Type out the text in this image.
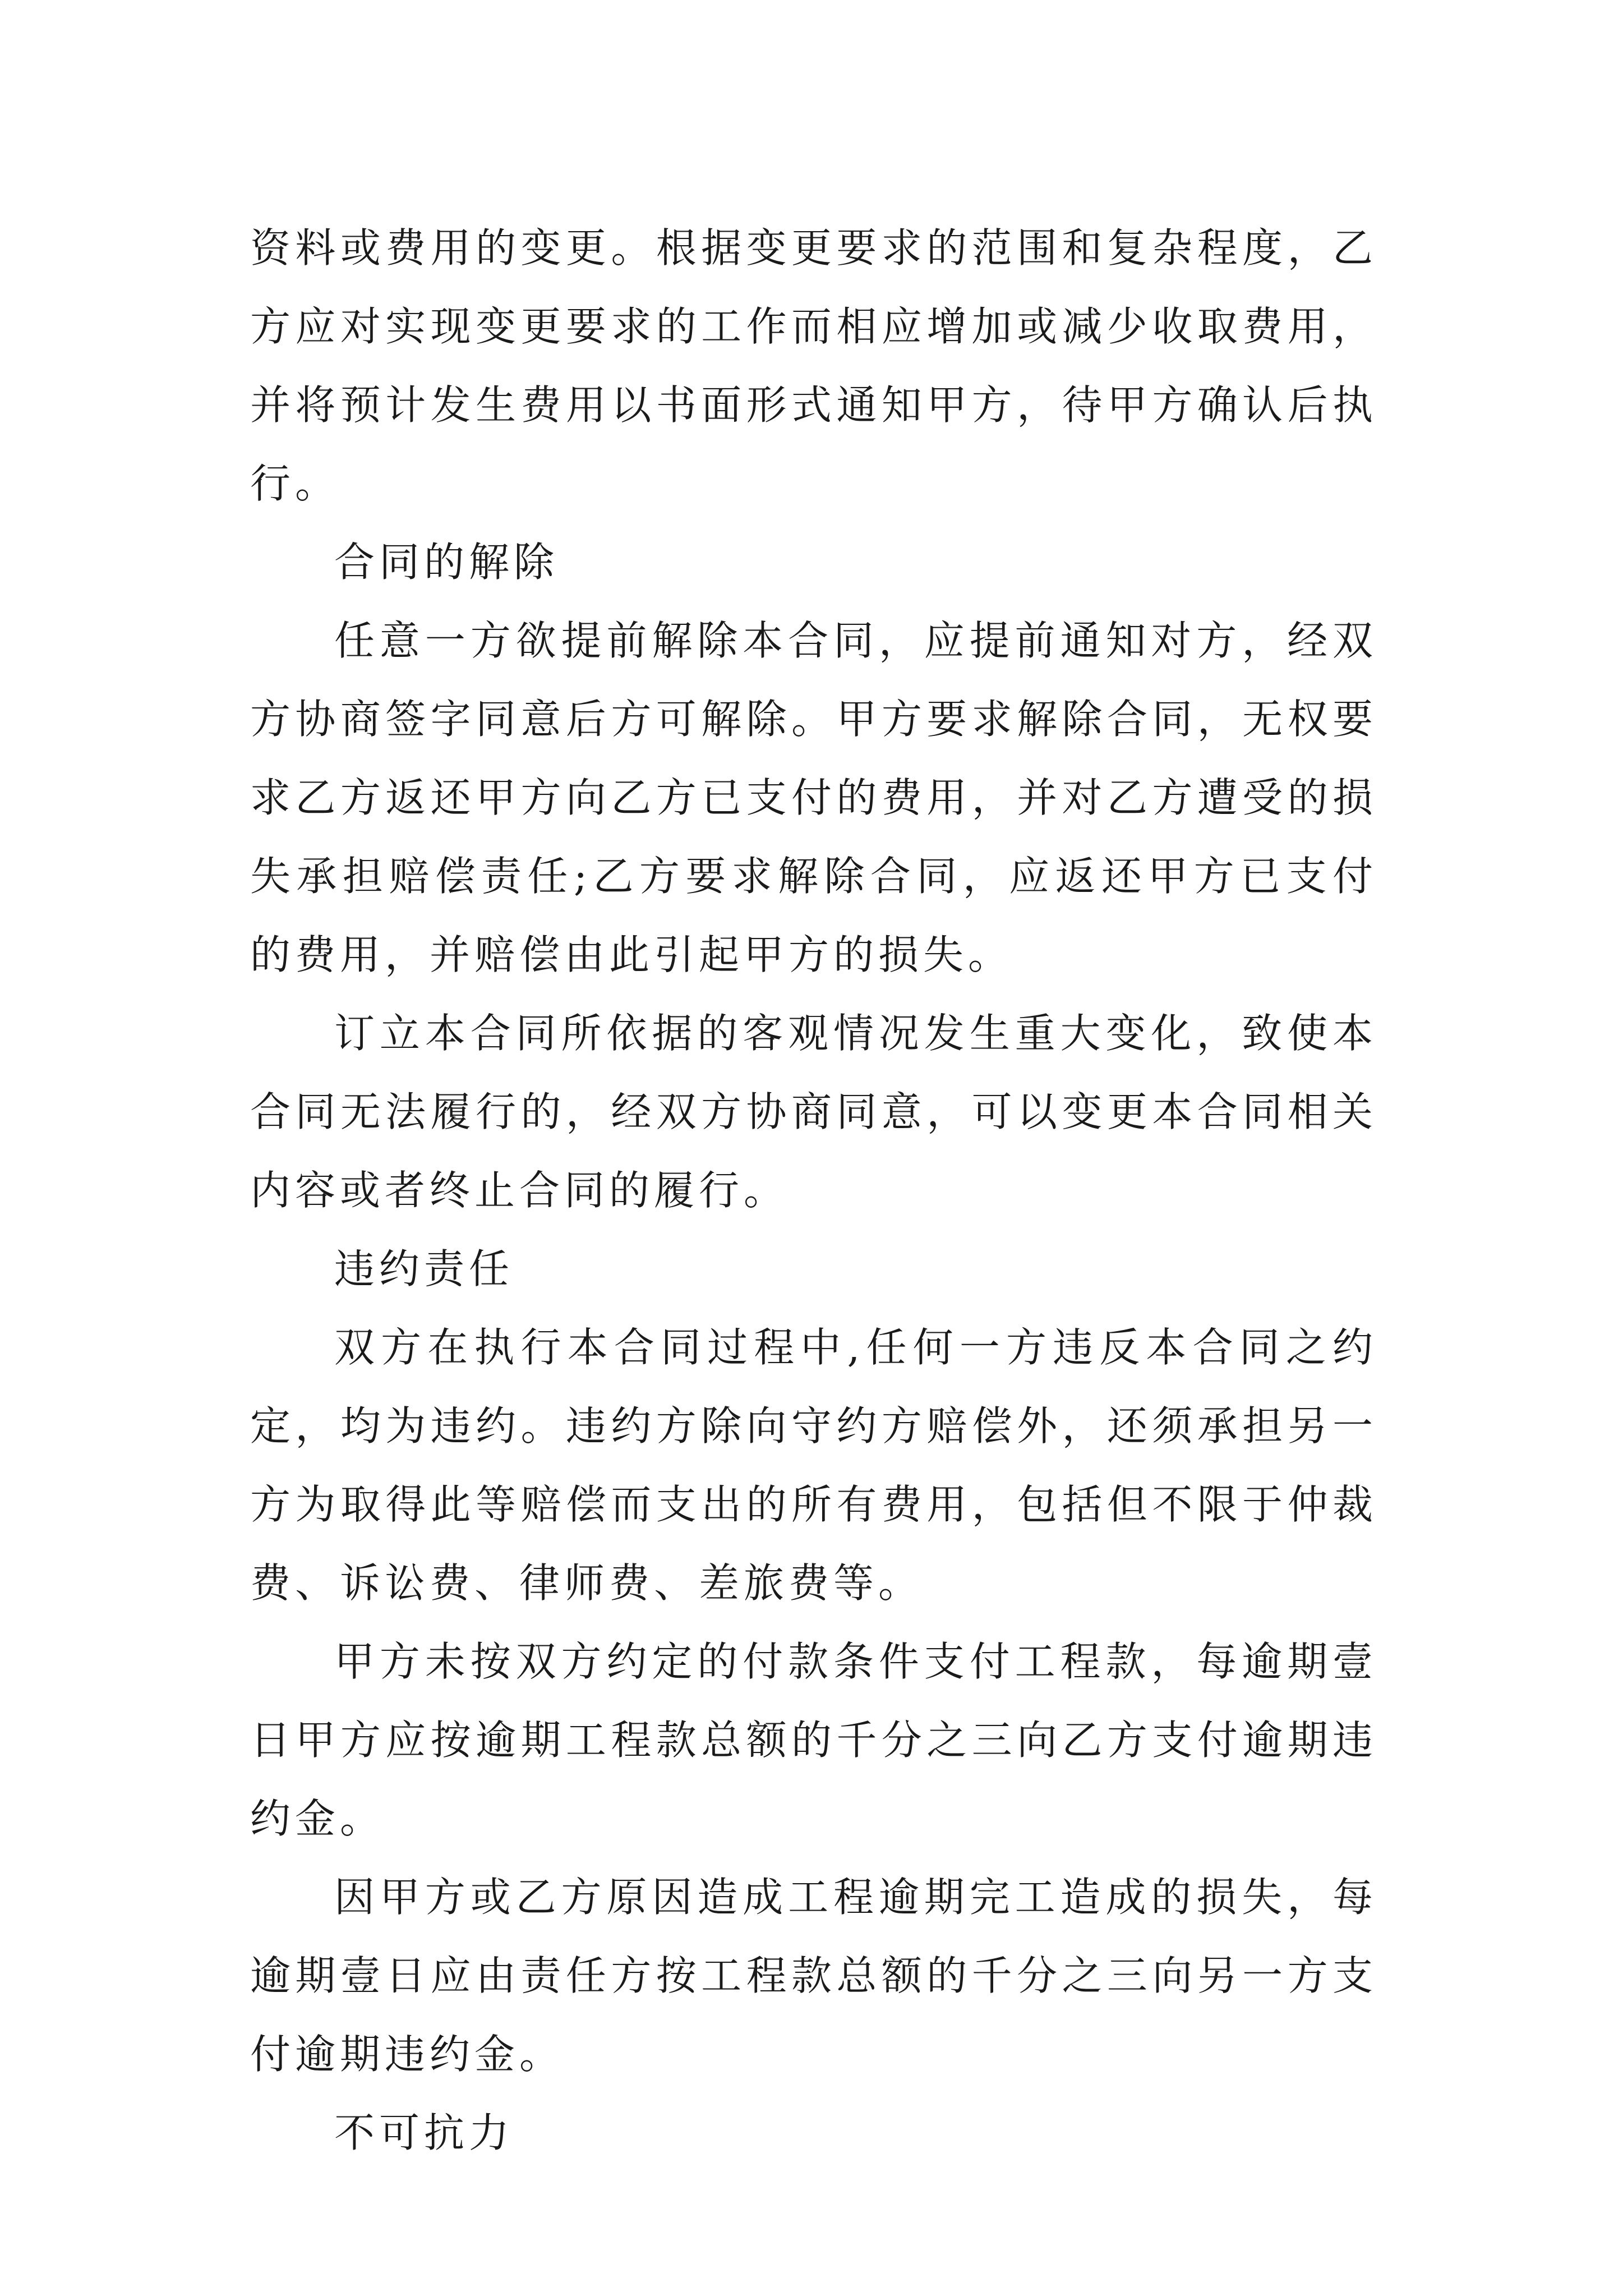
资料或费用的变更。根据变更要求的范围和复杂程度，乙方应对实现变更要求的工作而相应增加或减少收取费用，并将预计发生费用以书面形式通知甲方，待甲方确认后执行。

合同的解除

任意一方欲提前解除本合同，应提前通知对方，经双方协商签字同意后方可解除。甲方要求解除合同，无权要求乙方返还甲方向乙方已支付的费用，并对乙方遭受的损失承担赔偿责任;乙方要求解除合同，应返还甲方已支付的费用，并赔偿由此引起甲方的损失。

订立本合同所依据的客观情况发生重大变化，致使本合同无法履行的，经双方协商同意，可以变更本合同相关内容或者终止合同的履行。

违约责任

双方在执行本合同过程中,任何一方违反本合同之约定，均为违约。违约方除向守约方赔偿外，还须承担另一方为取得此等赔偿而支出的所有费用，包括但不限于仲裁费、诉讼费、律师费、差旅费等。

甲方未按双方约定的付款条件支付工程款，每逾期壹日甲方应按逾期工程款总额的千分之三向乙方支付逾期违约金。

因甲方或乙方原因造成工程逾期完工造成的损失，每逾期壹日应由责任方按工程款总额的千分之三向另一方支付逾期违约金。

不可抗力
